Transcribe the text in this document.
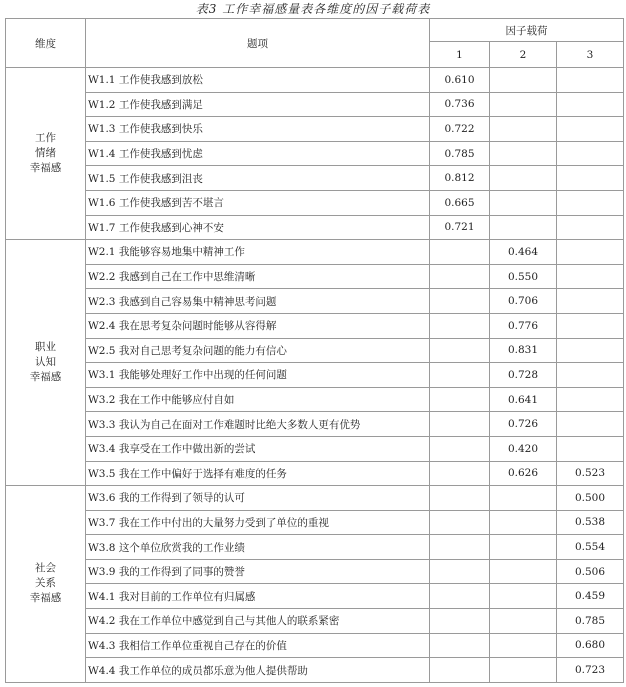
表3 工作幸福感量表各维度的因子载荷表
维度	题项	因子载荷		
		1	2	3

工作
情绪
幸福感	W1.1 工作使我感到放松	0.610		
	W1.2 工作使我感到满足	0.736		
	W1.3 工作使我感到快乐	0.722		
	W1.4 工作使我感到忧虑	0.785		
	W1.5 工作使我感到沮丧	0.812		
	W1.6 工作使我感到苦不堪言	0.665		
	W1.7 工作使我感到心神不安	0.721		

职业
认知
幸福感	W2.1 我能够容易地集中精神工作		0.464	
	W2.2 我感到自己在工作中思维清晰		0.550	
	W2.3 我感到自己容易集中精神思考问题		0.706	
	W2.4 我在思考复杂问题时能够从容得解		0.776	
	W2.5 我对自己思考复杂问题的能力有信心		0.831	
	W3.1 我能够处理好工作中出现的任何问题		0.728	
	W3.2 我在工作中能够应付自如		0.641	
	W3.3 我认为自己在面对工作难题时比绝大多数人更有优势		0.726	
	W3.4 我享受在工作中做出新的尝试		0.420	
	W3.5 我在工作中偏好于选择有难度的任务		0.626	0.523

社会
关系
幸福感	W3.6 我的工作得到了领导的认可			0.500
	W3.7 我在工作中付出的大量努力受到了单位的重视			0.538
	W3.8 这个单位欣赏我的工作业绩			0.554
	W3.9 我的工作得到了同事的赞誉			0.506
	W4.1 我对目前的工作单位有归属感			0.459
	W4.2 我在工作单位中感觉到自己与其他人的联系紧密			0.785
	W4.3 我相信工作单位重视自己存在的价值			0.680
	W4.4 我工作单位的成员都乐意为他人提供帮助			0.723
